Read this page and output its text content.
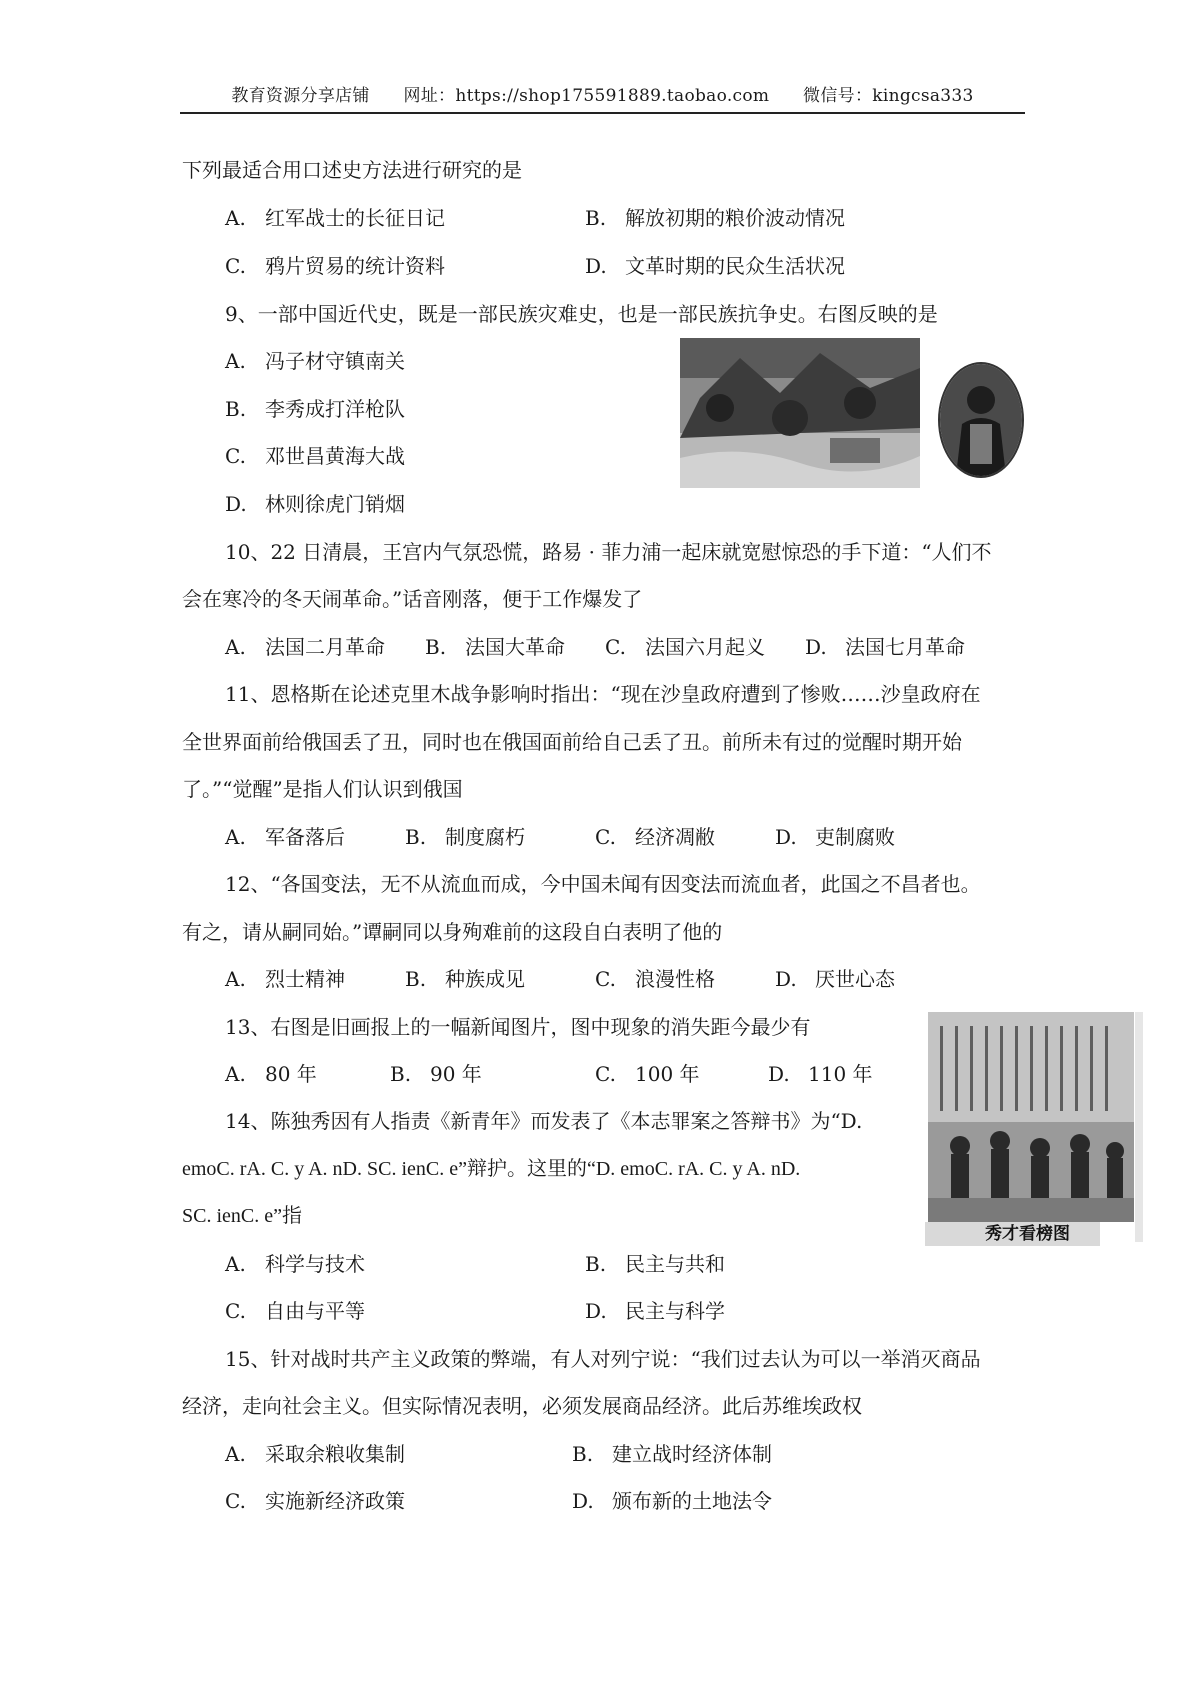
教育资源分享店铺 网址：https://shop175591889.taobao.com 微信号：kingcsa333
下列最适合用口述史方法进行研究的是
A. 红军战士的长征日记	B. 解放初期的粮价波动情况
C. 鸦片贸易的统计资料	D. 文革时期的民众生活状况
9、一部中国近代史，既是一部民族灾难史，也是一部民族抗争史。右图反映的是
A. 冯子材守镇南关
B. 李秀成打洋枪队
C. 邓世昌黄海大战
D. 林则徐虎门销烟
10、22 日清晨，王宫内气氛恐慌，路易 · 菲力浦一起床就宽慰惊恐的手下道：“人们不
会在寒冷的冬天闹革命。”话音刚落，便于工作爆发了
A. 法国二月革命 B. 法国大革命 C. 法国六月起义 D. 法国七月革命
11、恩格斯在论述克里木战争影响时指出：“现在沙皇政府遭到了惨败……沙皇政府在
全世界面前给俄国丢了丑，同时也在俄国面前给自己丢了丑。前所未有过的觉醒时期开始
了。”“觉醒”是指人们认识到俄国
A. 军备落后	B. 制度腐朽	C. 经济凋敝	D. 吏制腐败
12、“各国变法，无不从流血而成，今中国未闻有因变法而流血者，此国之不昌者也。
有之，请从嗣同始。”谭嗣同以身殉难前的这段自白表明了他的
A. 烈士精神	B. 种族成见	C. 浪漫性格	D. 厌世心态
13、右图是旧画报上的一幅新闻图片，图中现象的消失距今最少有
A. 80 年	B. 90 年	C. 100 年	D. 110 年
秀才看榜图
14、陈独秀因有人指责《新青年》而发表了《本志罪案之答辩书》为“D.
emoC. rA. C. y A. nD. SC. ienC. e”辩护。这里的“D. emoC. rA. C. y A. nD.
SC. ienC. e”指
A. 科学与技术	B. 民主与共和
C. 自由与平等	D. 民主与科学
15、针对战时共产主义政策的弊端，有人对列宁说：“我们过去认为可以一举消灭商品
经济，走向社会主义。但实际情况表明，必须发展商品经济。此后苏维埃政权
A. 采取余粮收集制	B. 建立战时经济体制
C. 实施新经济政策	D. 颁布新的土地法令
